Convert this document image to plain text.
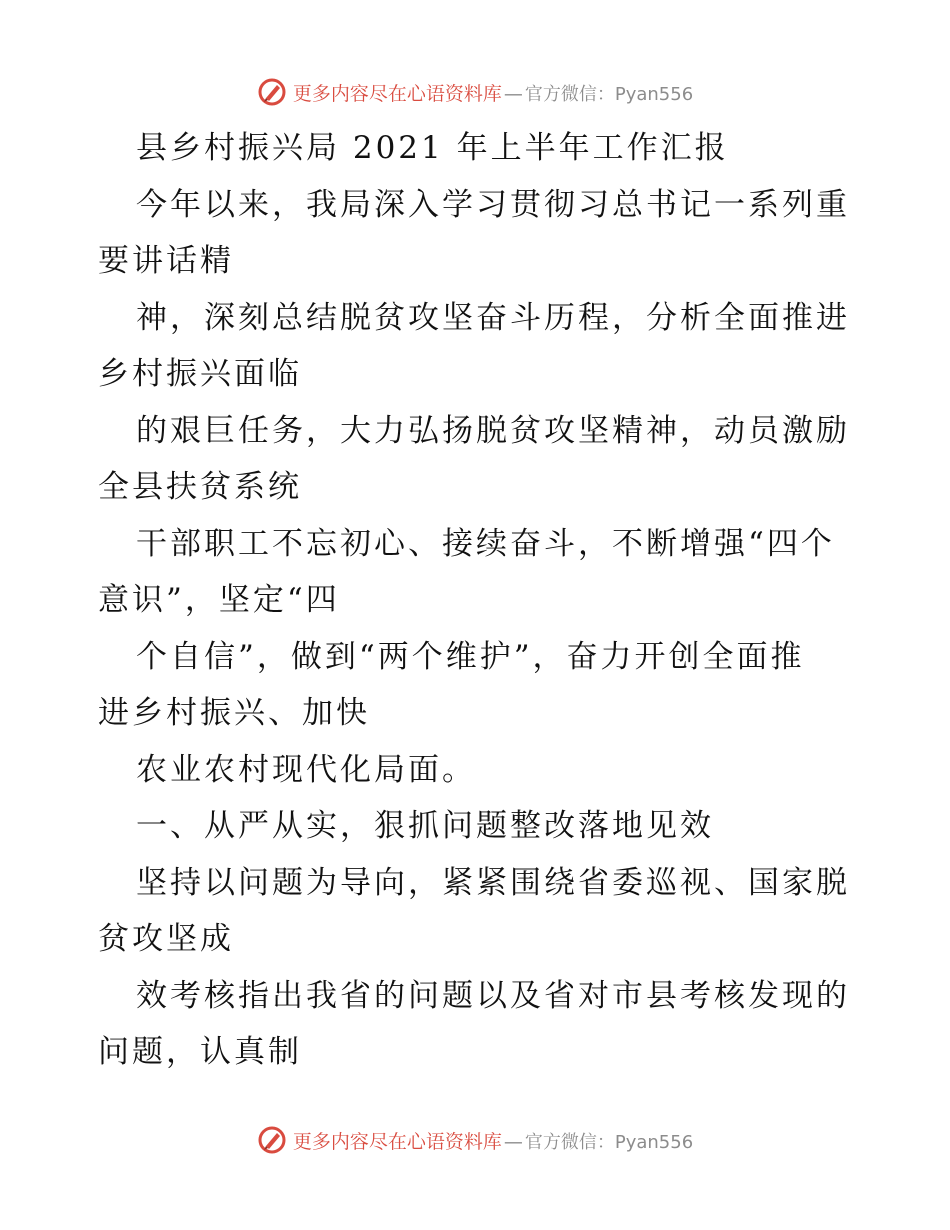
更多内容尽在心语资料库 — 官方微信：Pyan556
县乡村振兴局 2021 年上半年工作汇报
今年以来，我局深入学习贯彻习总书记一系列重
要讲话精
神，深刻总结脱贫攻坚奋斗历程，分析全面推进
乡村振兴面临
的艰巨任务，大力弘扬脱贫攻坚精神，动员激励
全县扶贫系统
干部职工不忘初心、接续奋斗，不断增强“四个
意识”，坚定“四
个自信”，做到“两个维护”，奋力开创全面推
进乡村振兴、加快
农业农村现代化局面。
一、从严从实，狠抓问题整改落地见效
坚持以问题为导向，紧紧围绕省委巡视、国家脱
贫攻坚成
效考核指出我省的问题以及省对市县考核发现的
问题，认真制
更多内容尽在心语资料库 — 官方微信：Pyan556
